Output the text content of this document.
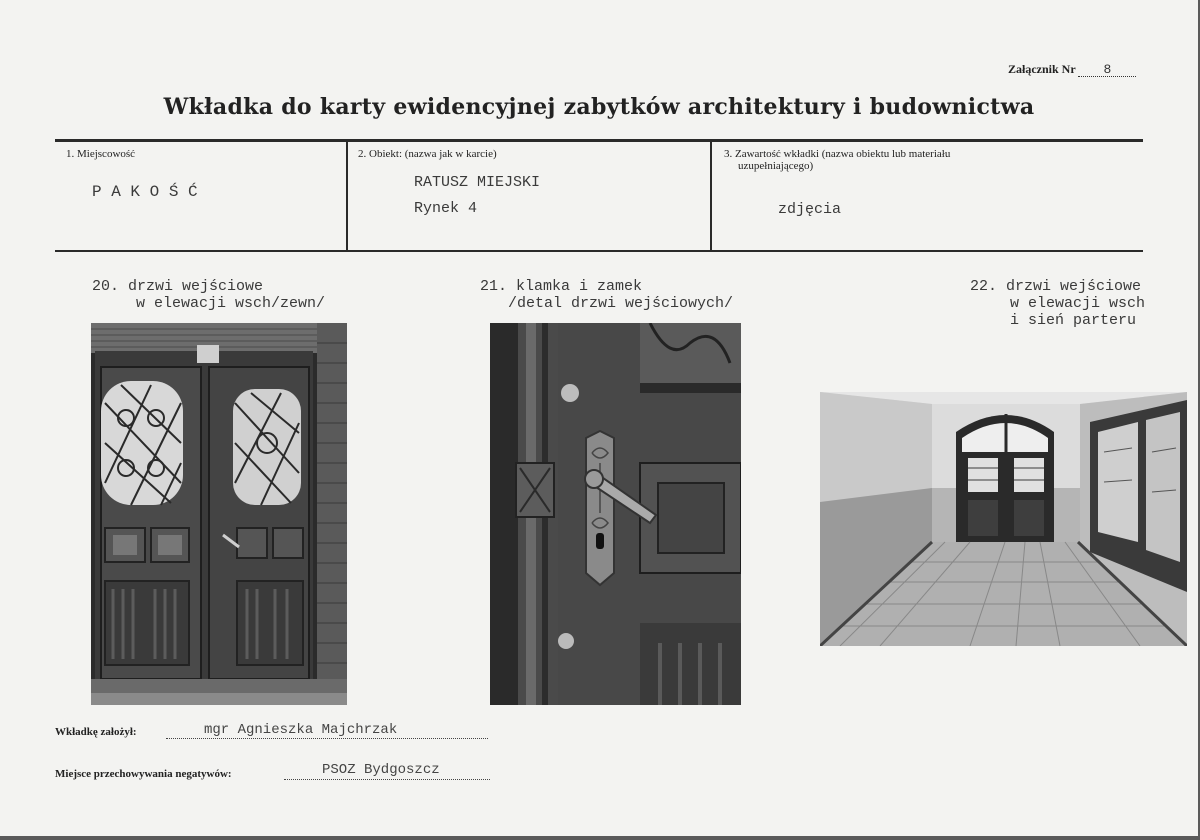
Załącznik Nr 8
Wkładka do karty ewidencyjnej zabytków architektury i budownictwa
1. Miejscowość
P A K O Ś Ć
2. Obiekt: (nazwa jak w karcie)
RATUSZ MIEJSKI
Rynek 4
3. Zawartość wkładki (nazwa obiektu lub materiału
uzupełniającego)
zdjęcia
20. drzwi wejściowe
w elewacji wsch/zewn/
21. klamka i zamek
/detal drzwi wejściowych/
22. drzwi wejściowe
w elewacji wsch
i sień parteru
Wkładkę założył:	mgr Agnieszka Majchrzak
Miejsce przechowywania negatywów:	PSOZ Bydgoszcz
